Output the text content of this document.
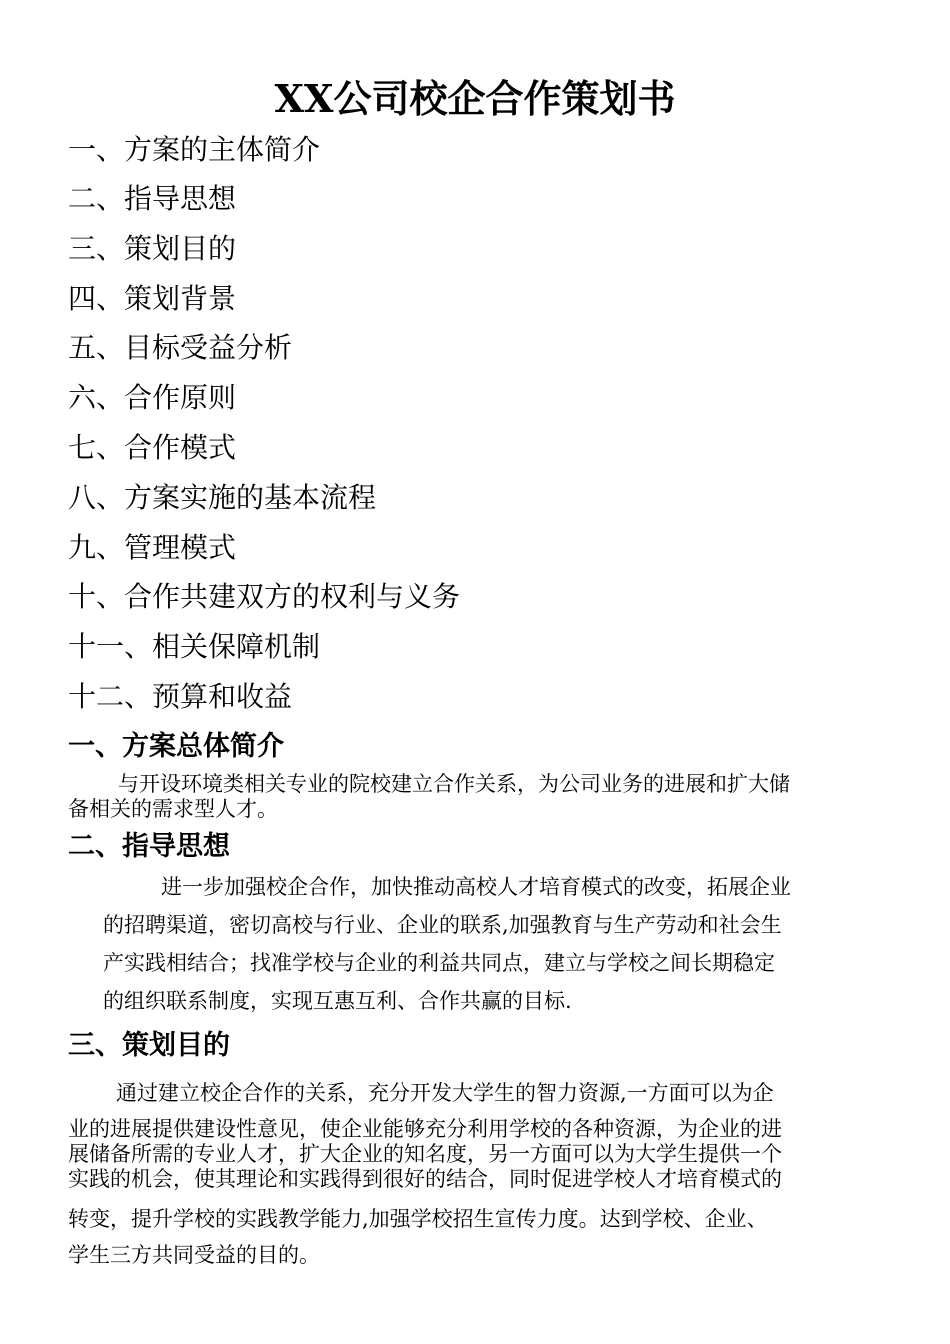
XX公司校企合作策划书
一、方案的主体简介
二、指导思想
三、策划目的
四、策划背景
五、目标受益分析
六、合作原则
七、合作模式
八、方案实施的基本流程
九、管理模式
十、合作共建双方的权利与义务
十一、相关保障机制
十二、预算和收益
一、方案总体简介
与开设环境类相关专业的院校建立合作关系，为公司业务的进展和扩大储
备相关的需求型人才。
二、指导思想
进一步加强校企合作，加快推动高校人才培育模式的改变，拓展企业
的招聘渠道，密切高校与行业、企业的联系,加强教育与生产劳动和社会生
产实践相结合；找准学校与企业的利益共同点，建立与学校之间长期稳定
的组织联系制度，实现互惠互利、合作共赢的目标.
三、策划目的
通过建立校企合作的关系，充分开发大学生的智力资源,一方面可以为企
业的进展提供建设性意见，使企业能够充分利用学校的各种资源，为企业的进
展储备所需的专业人才，扩大企业的知名度，另一方面可以为大学生提供一个
实践的机会，使其理论和实践得到很好的结合，同时促进学校人才培育模式的
转变，提升学校的实践教学能力,加强学校招生宣传力度。达到学校、企业、
学生三方共同受益的目的。
